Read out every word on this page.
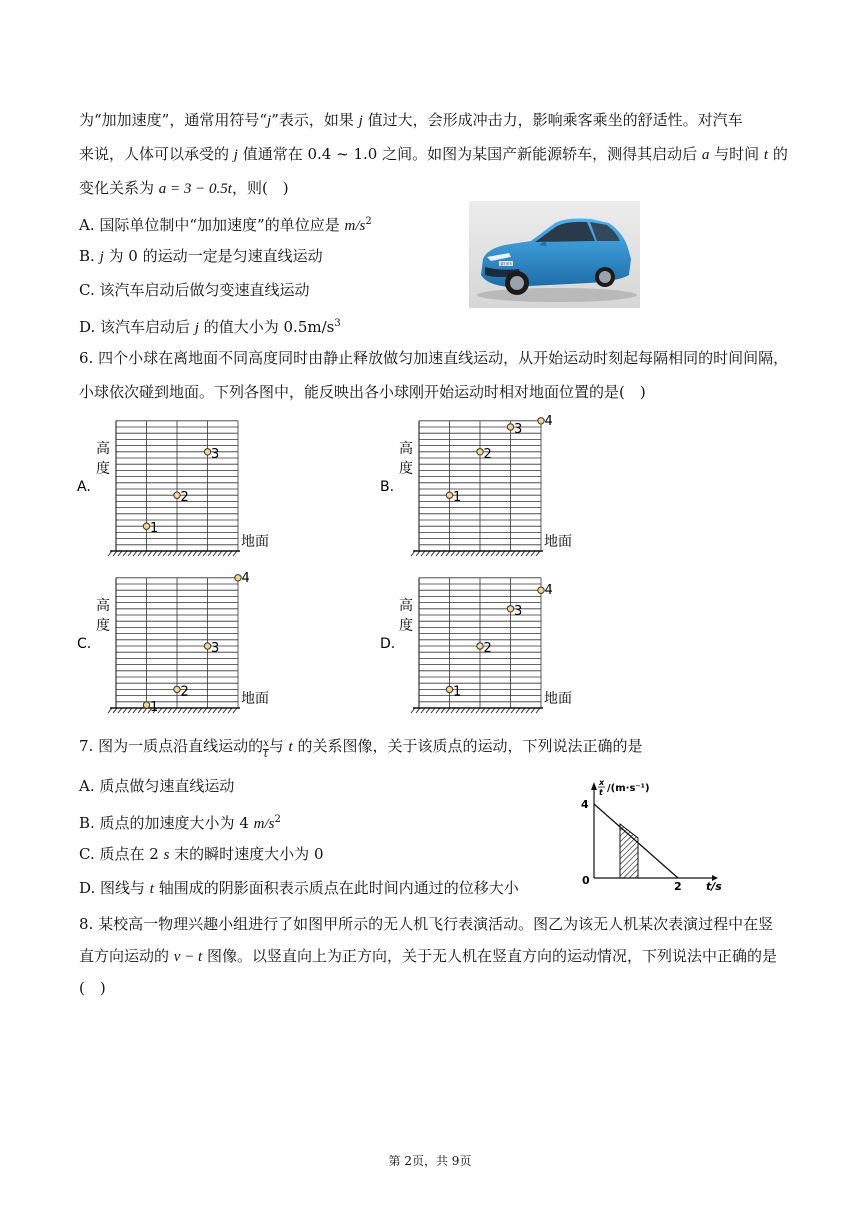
为“加加速度”，通常用符号“j”表示，如果 j 值过大，会形成冲击力，影响乘客乘坐的舒适性。对汽车
来说，人体可以承受的 j 值通常在 0.4 ~ 1.0 之间。如图为某国产新能源轿车，测得其启动后 a 与时间 t 的
变化关系为 a = 3 − 0.5t，则(　)
A. 国际单位制中“加加速度”的单位应是 $m/s^2$
B. j 为 0 的运动一定是匀速直线运动
C. 该汽车启动后做匀变速直线运动
D. 该汽车启动后 j 的值大小为 $0.5m/s^3$
睿行E5
6. 四个小球在离地面不同高度同时由静止释放做匀加速直线运动，从开始运动时刻起每隔相同的时间间隔，
小球依次碰到地面。下列各图中，能反映出各小球刚开始运动时相对地面位置的是(　)
A.
高
度
地面
1
2
3
B.
高
度
地面
1
2
3
4
C.
高
度
地面
1
2
3
4
D.
高
度
地面
1
2
3
4
7. 图为一质点沿直线运动的 $\frac{x}{t}$ 与 t 的关系图像，关于该质点的运动，下列说法正确的是
A. 质点做匀速直线运动
B. 质点的加速度大小为 4 $m/s^2$
C. 质点在 2 s 末的瞬时速度大小为 0
D. 图线与 t 轴围成的阴影面积表示质点在此时间内通过的位移大小
4
2
0	t/s
x
t /(m·s⁻¹)
8. 某校高一物理兴趣小组进行了如图甲所示的无人机飞行表演活动。图乙为该无人机某次表演过程中在竖
直方向运动的 v − t 图像。以竖直向上为正方向，关于无人机在竖直方向的运动情况，下列说法中正确的是
(　)
第 2页，共 9页
